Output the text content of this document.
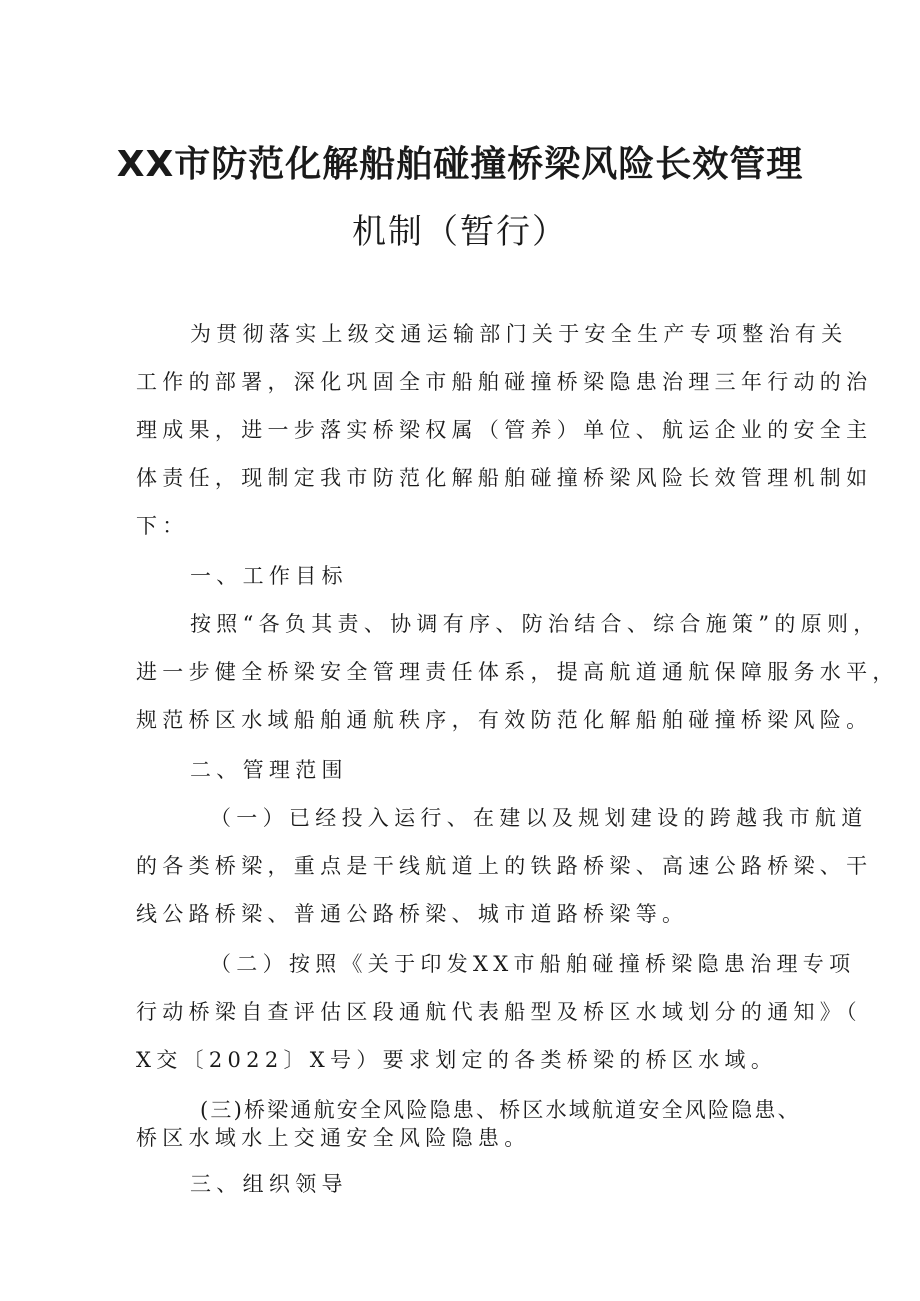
XX市防范化解船舶碰撞桥梁风险长效管理
机制（暂行）

为贯彻落实上级交通运输部门关于安全生产专项整治有关

工作的部署，深化巩固全市船舶碰撞桥梁隐患治理三年行动的治

理成果，进一步落实桥梁权属（管养）单位、航运企业的安全主

体责任，现制定我市防范化解船舶碰撞桥梁风险长效管理机制如

下：

一、工作目标

按照“各负其责、协调有序、防治结合、综合施策”的原则，

进一步健全桥梁安全管理责任体系，提高航道通航保障服务水平，

规范桥区水域船舶通航秩序，有效防范化解船舶碰撞桥梁风险。

二、管理范围

（一）已经投入运行、在建以及规划建设的跨越我市航道

的各类桥梁，重点是干线航道上的铁路桥梁、高速公路桥梁、干

线公路桥梁、普通公路桥梁、城市道路桥梁等。

（二）按照《关于印发XX市船舶碰撞桥梁隐患治理专项

行动桥梁自查评估区段通航代表船型及桥区水域划分的通知》（

X交〔2022〕X号）要求划定的各类桥梁的桥区水域。

(三)桥梁通航安全风险隐患、桥区水域航道安全风险隐患、

桥区水域水上交通安全风险隐患。

三、组织领导
